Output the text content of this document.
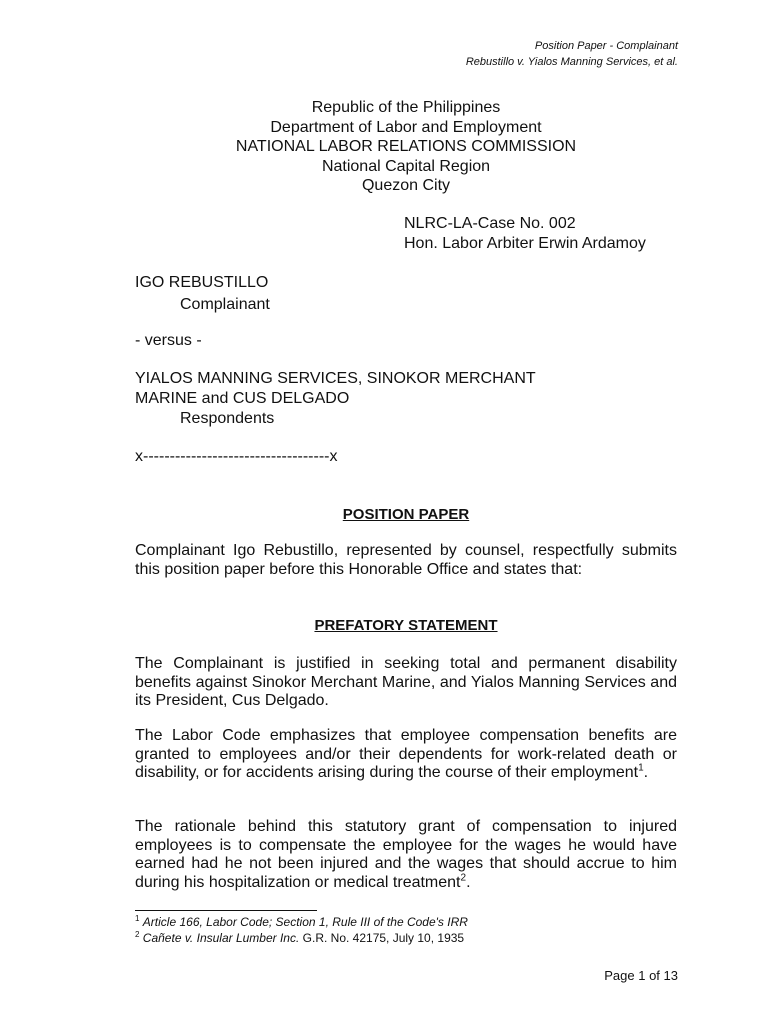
Position Paper - Complainant
Rebustillo v. Yialos Manning Services, et al.
Republic of the Philippines
Department of Labor and Employment
NATIONAL LABOR RELATIONS COMMISSION
National Capital Region
Quezon City
NLRC-LA-Case No. 002
Hon. Labor Arbiter Erwin Ardamoy
IGO REBUSTILLO
Complainant
- versus -
YIALOS MANNING SERVICES, SINOKOR MERCHANT
MARINE and CUS DELGADO
Respondents
x-----------------------------------x
POSITION PAPER
Complainant Igo Rebustillo, represented by counsel, respectfully submits this position paper before this Honorable Office and states that:
PREFATORY STATEMENT
The Complainant is justified in seeking total and permanent disability benefits against Sinokor Merchant Marine, and Yialos Manning Services and its President, Cus Delgado.
The Labor Code emphasizes that employee compensation benefits are granted to employees and/or their dependents for work-related death or disability, or for accidents arising during the course of their employment$^1$.
The rationale behind this statutory grant of compensation to injured employees is to compensate the employee for the wages he would have earned had he not been injured and the wages that should accrue to him during his hospitalization or medical treatment$^2$.
$^1$ Article 166, Labor Code; Section 1, Rule III of the Code's IRR
$^2$ Cañete v. Insular Lumber Inc. G.R. No. 42175, July 10, 1935
Page 1 of 13
